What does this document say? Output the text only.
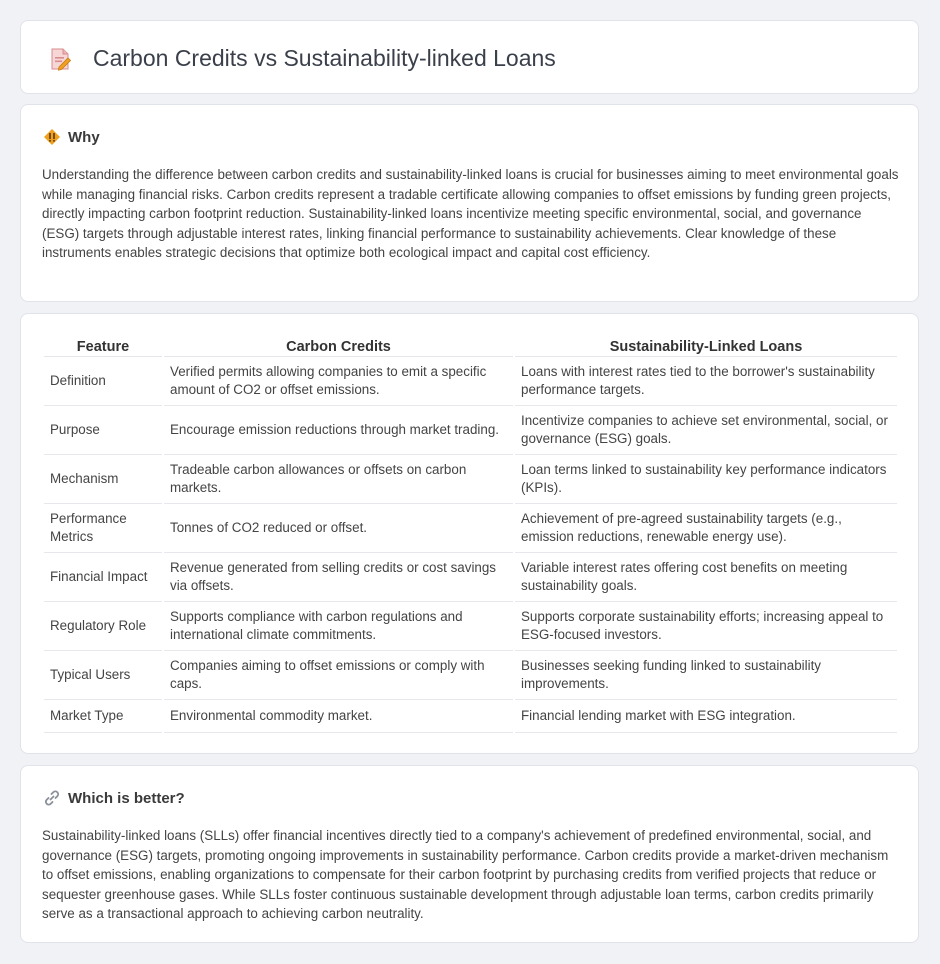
Carbon Credits vs Sustainability-linked Loans
Why

Understanding the difference between carbon credits and sustainability-linked loans is crucial for businesses aiming to meet environmental goals while managing financial risks. Carbon credits represent a tradable certificate allowing companies to offset emissions by funding green projects, directly impacting carbon footprint reduction. Sustainability-linked loans incentivize meeting specific environmental, social, and governance (ESG) targets through adjustable interest rates, linking financial performance to sustainability achievements. Clear knowledge of these instruments enables strategic decisions that optimize both ecological impact and capital cost efficiency.

Feature	Carbon Credits	Sustainability-Linked Loans
Definition	Verified permits allowing companies to emit a specific amount of CO2 or offset emissions.	Loans with interest rates tied to the borrower's sustainability performance targets.
Purpose	Encourage emission reductions through market trading.	Incentivize companies to achieve set environmental, social, or governance (ESG) goals.
Mechanism	Tradeable carbon allowances or offsets on carbon markets.	Loan terms linked to sustainability key performance indicators (KPIs).
Performance Metrics	Tonnes of CO2 reduced or offset.	Achievement of pre-agreed sustainability targets (e.g., emission reductions, renewable energy use).
Financial Impact	Revenue generated from selling credits or cost savings via offsets.	Variable interest rates offering cost benefits on meeting sustainability goals.
Regulatory Role	Supports compliance with carbon regulations and international climate commitments.	Supports corporate sustainability efforts; increasing appeal to ESG-focused investors.
Typical Users	Companies aiming to offset emissions or comply with caps.	Businesses seeking funding linked to sustainability improvements.
Market Type	Environmental commodity market.	Financial lending market with ESG integration.
Which is better?

Sustainability-linked loans (SLLs) offer financial incentives directly tied to a company's achievement of predefined environmental, social, and governance (ESG) targets, promoting ongoing improvements in sustainability performance. Carbon credits provide a market-driven mechanism to offset emissions, enabling organizations to compensate for their carbon footprint by purchasing credits from verified projects that reduce or sequester greenhouse gases. While SLLs foster continuous sustainable development through adjustable loan terms, carbon credits primarily serve as a transactional approach to achieving carbon neutrality.
